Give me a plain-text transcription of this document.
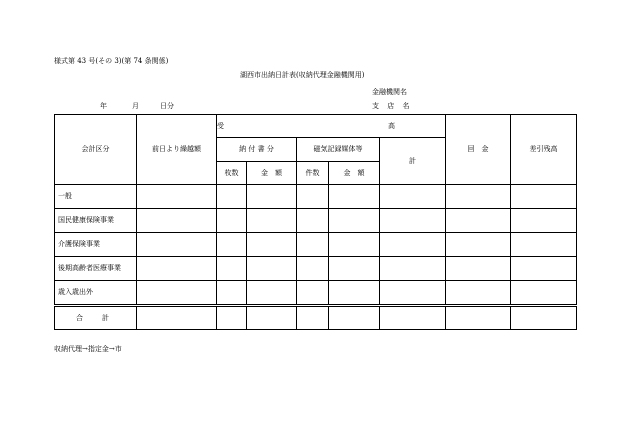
様式第 43 号(その 3)(第 74 条関係)
湖西市出納日計表(収納代理金融機関用)
金融機関名
年	月	日分	支 店 名
会計区分	前日より繰越額	受　　高					回　金	差引残高
		納 付 書 分		磁気記録媒体等		計		
		枚数	金　額	件数	金　額			
一般								
国民健康保険事業								
介護保険事業								
後期高齢者医療事業								
歳入歳出外								
合　計								
収納代理→指定金→市
